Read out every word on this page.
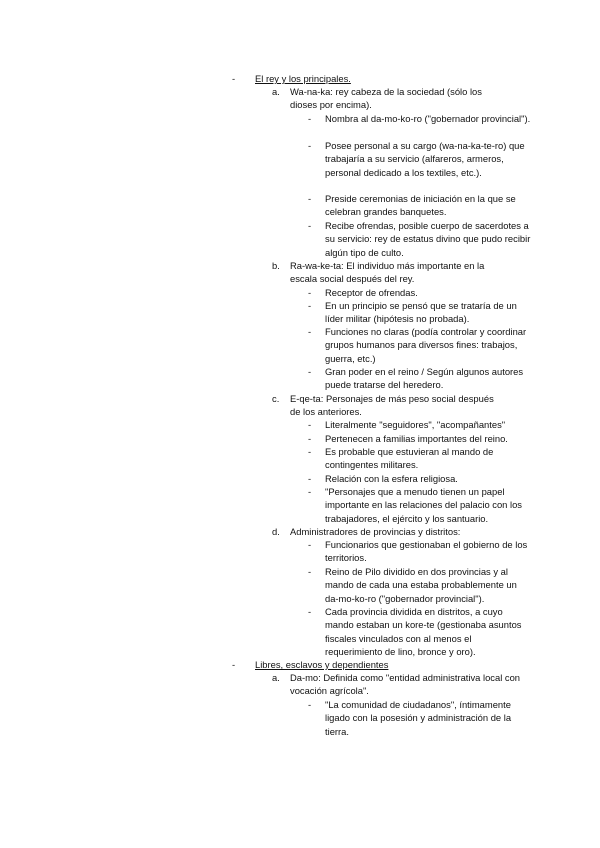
- El rey y los principales.
a. Wa-na-ka: rey cabeza de la sociedad (sólo los dioses por encima).
- Nombra al da-mo-ko-ro ("gobernador provincial").
- Posee personal a su cargo (wa-na-ka-te-ro) que trabajaría a su servicio (alfareros, armeros, personal dedicado a los textiles, etc.).
- Preside ceremonias de iniciación en la que se celebran grandes banquetes.
- Recibe ofrendas, posible cuerpo de sacerdotes a su servicio: rey de estatus divino que pudo recibir algún tipo de culto.
b. Ra-wa-ke-ta: El individuo más importante en la escala social después del rey.
- Receptor de ofrendas.
- En un principio se pensó que se trataría de un líder militar (hipótesis no probada).
- Funciones no claras (podía controlar y coordinar grupos humanos para diversos fines: trabajos, guerra, etc.)
- Gran poder en el reino / Según algunos autores puede tratarse del heredero.
c. E-qe-ta: Personajes de más peso social después de los anteriores.
- Literalmente "seguidores", "acompañantes"
- Pertenecen a familias importantes del reino.
- Es probable que estuvieran al mando de contingentes militares.
- Relación con la esfera religiosa.
- "Personajes que a menudo tienen un papel importante en las relaciones del palacio con los trabajadores, el ejército y los santuario.
d. Administradores de provincias y distritos:
- Funcionarios que gestionaban el gobierno de los territorios.
- Reino de Pilo dividido en dos provincias y al mando de cada una estaba probablemente un da-mo-ko-ro ("gobernador provincial").
- Cada provincia dividida en distritos, a cuyo mando estaban un kore-te (gestionaba asuntos fiscales vinculados con al menos el requerimiento de lino, bronce y oro).
- Libres, esclavos y dependientes
a. Da-mo: Definida como "entidad administrativa local con vocación agrícola".
- "La comunidad de ciudadanos", íntimamente ligado con la posesión y administración de la tierra.
